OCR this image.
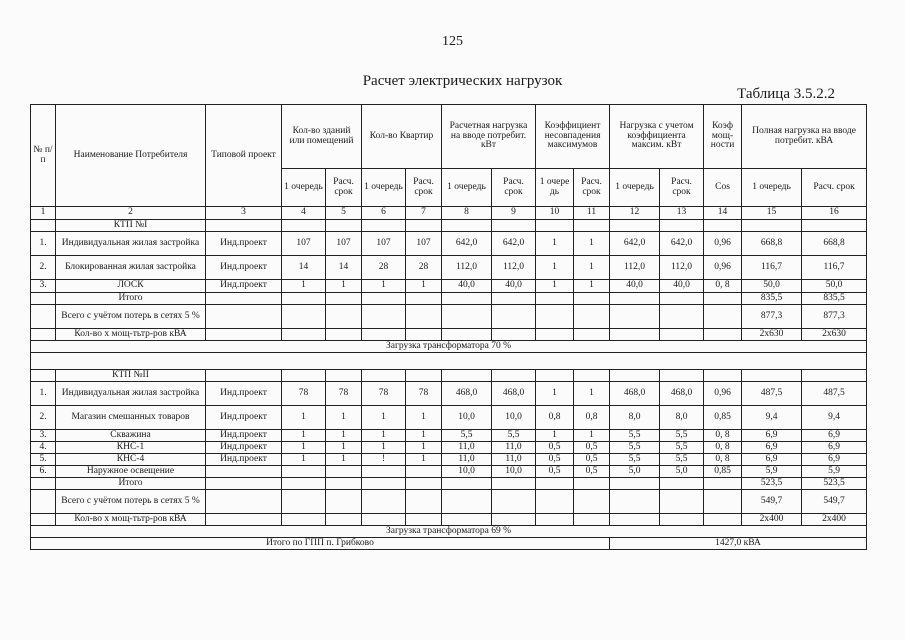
125
Расчет электрических нагрузок
Таблица 3.5.2.2
№ п/п	Наименование Потребителя	Типовой проект	Кол-во зданий или помещений		Кол-во Квартир		Расчетная нагрузка на вводе потребит. кВт		Коэффициент несовпадения максимумов		Нагрузка с учетом коэффициента максим. кВт		Коэф мощ-ности	Полная нагрузка на вводе потребит. кВА	
			1 очередь	Расч. срок	1 очередь	Расч. срок	1 очередь	Расч. срок	1 очере дь	Расч. срок	1 очередь	Расч. срок	Cos	1 очередь	Расч. срок
1	2	3	4	5	6	7	8	9	10	11	12	13	14	15	16
	КТП №I														
1.	Индивидуальная жилая застройка	Инд.проект	107	107	107	107	642,0	642,0	1	1	642,0	642,0	0,96	668,8	668,8
2.	Блокированная жилая застройка	Инд.проект	14	14	28	28	112,0	112,0	1	1	112,0	112,0	0,96	116,7	116,7
3.	ЛОСК	Инд.проект	1	1	1	1	40,0	40,0	1	1	40,0	40,0	0, 8	50,0	50,0
	Итого													835,5	835,5
	Всего с учётом потерь в сетях 5 %													877,3	877,3
	Кол-во х мощ-тьтр-ров кВА													2х630	2х630
Загрузка трансформатора 70 %															

	КТП №II														
1.	Индивидуальная жилая застройка	Инд.проект	78	78	78	78	468,0	468,0	1	1	468,0	468,0	0,96	487,5	487,5
2.	Магазин смешанных товаров	Инд.проект	1	1	1	1	10,0	10,0	0,8	0,8	8,0	8,0	0,85	9,4	9,4
3.	Скважина	Инд.проект	1	1	1	1	5,5	5,5	1	1	5,5	5,5	0, 8	6,9	6,9
4.	КНС-1	Инд.проект	1	1	1	1	11,0	11,0	0,5	0,5	5,5	5,5	0, 8	6,9	6,9
5.	КНС-4	Инд.проект	1	1	!	1	11,0	11,0	0,5	0,5	5,5	5,5	0, 8	6,9	6,9
6.	Наружное освещение						10,0	10,0	0,5	0,5	5,0	5,0	0,85	5,9	5,9
	Итого													523,5	523,5
	Всего с учётом потерь в сетях 5 %													549,7	549,7
	Кол-во х мощ-тьтр-ров кВА													2х400	2х400
Загрузка трансформатора 69 %															
Итого по ГПП п. Грибково											1427,0 кВА				
